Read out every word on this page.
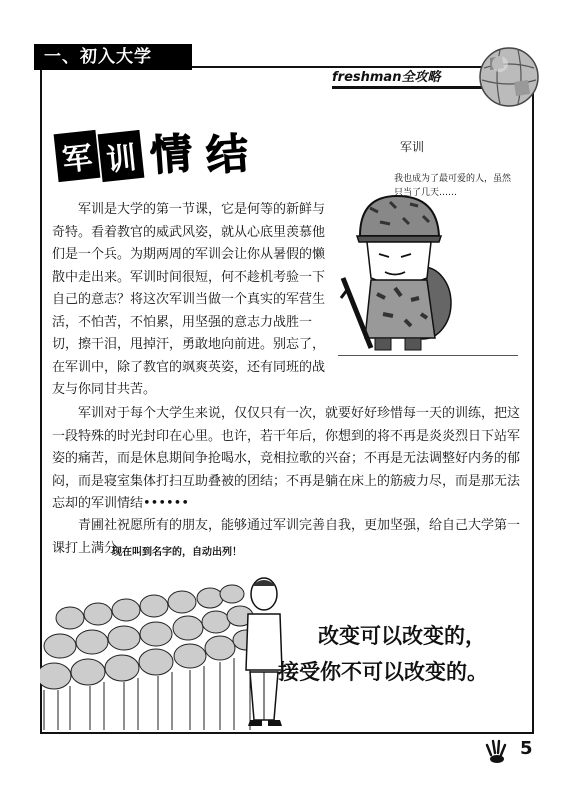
一、初入大学
freshman全攻略
军 训 情 结	军训
我也成为了最可爱的人，虽然只当了几天……
军训是大学的第一节课，它是何等的新鲜与奇特。看着教官的威武风姿，就从心底里羡慕他们是一个兵。为期两周的军训会让你从暑假的懒散中走出来。军训时间很短，何不趁机考验一下自己的意志？将这次军训当做一个真实的军营生活，不怕苦，不怕累，用坚强的意志力战胜一切，擦干泪，甩掉汗，勇敢地向前进。别忘了，在军训中，除了教官的飒爽英姿，还有同班的战友与你同甘共苦。
军训对于每个大学生来说，仅仅只有一次，就要好好珍惜每一天的训练，把这一段特殊的时光封印在心里。也许，若干年后，你想到的将不再是炎炎烈日下站军姿的痛苦，而是休息期间争抢喝水，竞相拉歌的兴奋；不再是无法调整好内务的郁闷，而是寝室集体打扫互助叠被的团结；不再是躺在床上的筋疲力尽，而是那无法忘却的军训情结••••••
青圃社祝愿所有的朋友，能够通过军训完善自我，更加坚强，给自己大学第一课打上满分。
现在叫到名字的，自动出列！
改变可以改变的，
接受你不可以改变的。
5
